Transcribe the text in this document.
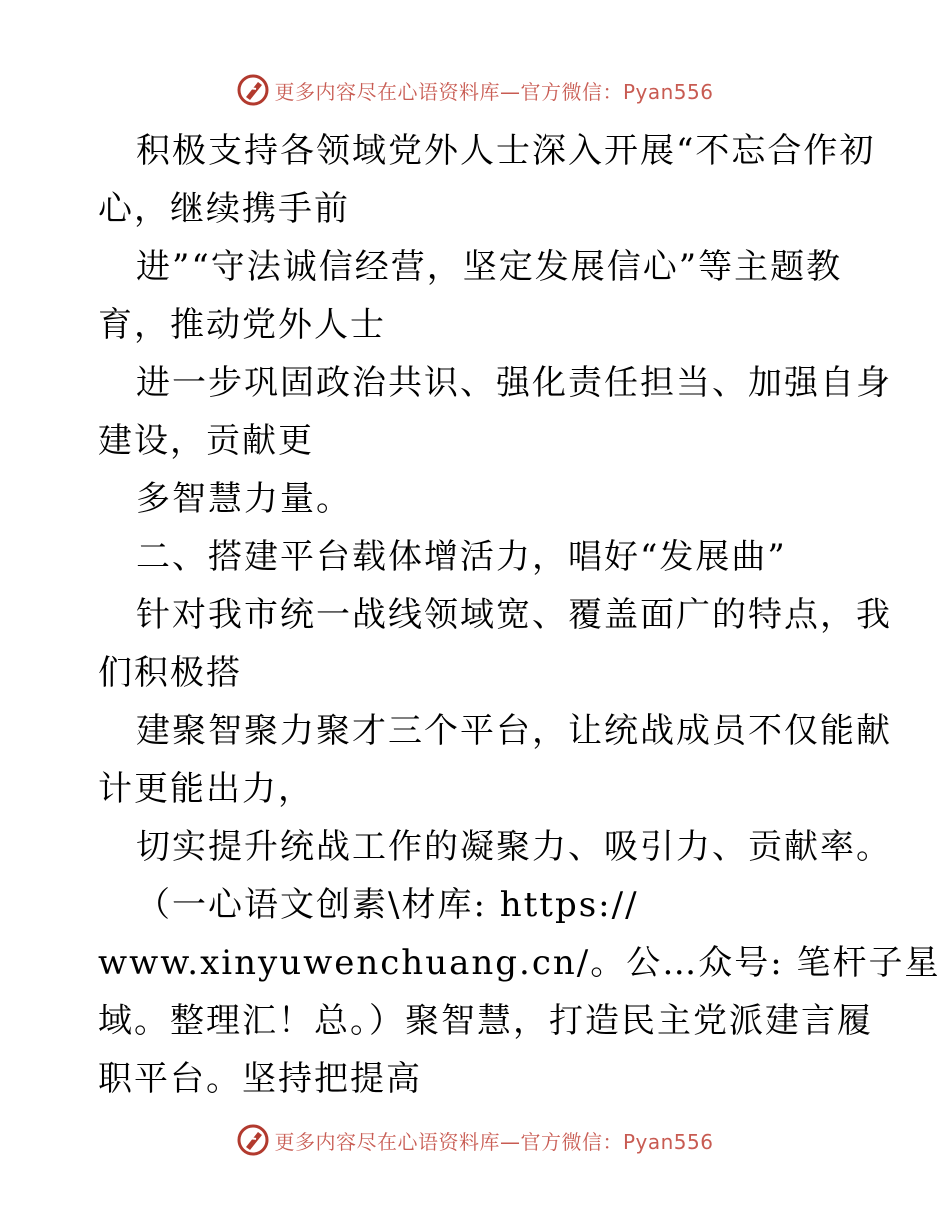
更多内容尽在心语资料库—官方微信：Pyan556
积极支持各领域党外人士深入开展“不忘合作初
心，继续携手前
进”“守法诚信经营，坚定发展信心”等主题教
育，推动党外人士
进一步巩固政治共识、强化责任担当、加强自身
建设，贡献更
多智慧力量。
二、搭建平台载体增活力，唱好“发展曲”
针对我市统一战线领域宽、覆盖面广的特点，我
们积极搭
建聚智聚力聚才三个平台，让统战成员不仅能献
计更能出力，
切实提升统战工作的凝聚力、吸引力、贡献率。
（一心语文创素\材库: https://
www.xinyuwenchuang.cn/。公…众号: 笔杆子星
域。整理汇！总。）聚智慧，打造民主党派建言履
职平台。坚持把提高
更多内容尽在心语资料库—官方微信：Pyan556
